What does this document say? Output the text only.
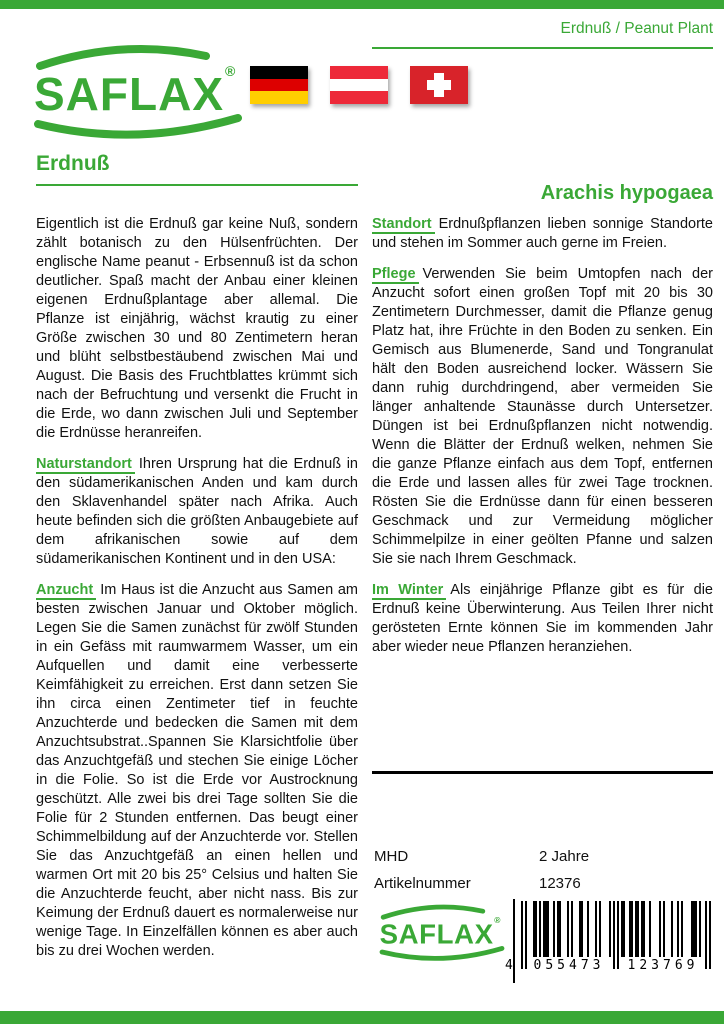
Erdnuß / Peanut Plant
SAFLAX ®
Erdnuß

Eigentlich ist die Erdnuß gar keine Nuß, sondern zählt botanisch zu den Hülsenfrüchten. Der englische Name peanut - Erbsennuß ist da schon deutlicher. Spaß macht der Anbau einer kleinen eigenen Erdnußplantage aber allemal. Die Pflanze ist einjährig, wächst krautig zu einer Größe zwischen 30 und 80 Zentimetern heran und blüht selbstbestäubend zwischen Mai und August. Die Basis des Fruchtblattes krümmt sich nach der Befruchtung und versenkt die Frucht in die Erde, wo dann zwischen Juli und September die Erdnüsse heranreifen.

Naturstandort Ihren Ursprung hat die Erdnuß in den südamerikanischen Anden und kam durch den Sklavenhandel später nach Afrika. Auch heute befinden sich die größten Anbaugebiete auf dem afrikanischen sowie auf dem südamerikanischen Kontinent und in den USA:

Anzucht Im Haus ist die Anzucht aus Samen am besten zwischen Januar und Oktober möglich. Legen Sie die Samen zunächst für zwölf Stunden in ein Gefäss mit raumwarmem Wasser, um ein Aufquellen und damit eine verbesserte Keimfähigkeit zu erreichen. Erst dann setzen Sie ihn circa einen Zentimeter tief in feuchte Anzuchterde und bedecken die Samen mit dem Anzuchtsubstrat..Spannen Sie Klarsichtfolie über das Anzuchtgefäß und stechen Sie einige Löcher in die Folie. So ist die Erde vor Austrocknung geschützt. Alle zwei bis drei Tage sollten Sie die Folie für 2 Stunden entfernen. Das beugt einer Schimmelbildung auf der Anzuchterde vor. Stellen Sie das Anzuchtgefäß an einen hellen und warmen Ort mit 20 bis 25° Celsius und halten Sie die Anzuchterde feucht, aber nicht nass. Bis zur Keimung der Erdnuß dauert es normalerweise nur wenige Tage. In Einzelfällen können es aber auch bis zu drei Wochen werden.

Arachis hypogaea

Standort Erdnußpflanzen lieben sonnige Standorte und stehen im Sommer auch gerne im Freien.

Pflege Verwenden Sie beim Umtopfen nach der Anzucht sofort einen großen Topf mit 20 bis 30 Zentimetern Durchmesser, damit die Pflanze genug Platz hat, ihre Früchte in den Boden zu senken. Ein Gemisch aus Blumenerde, Sand und Tongranulat hält den Boden ausreichend locker. Wässern Sie dann ruhig durchdringend, aber vermeiden Sie länger anhaltende Staunässe durch Untersetzer. Düngen ist bei Erdnußpflanzen nicht notwendig. Wenn die Blätter der Erdnuß welken, nehmen Sie die ganze Pflanze einfach aus dem Topf, entfernen die Erde und lassen alles für zwei Tage trocknen. Rösten Sie die Erdnüsse dann für einen besseren Geschmack und zur Vermeidung möglicher Schimmelpilze in einer geölten Pfanne und salzen Sie sie nach Ihrem Geschmack.

Im Winter Als einjährige Pflanze gibt es für die Erdnuß keine Überwinterung. Aus Teilen Ihrer nicht gerösteten Ernte können Sie im kommenden Jahr aber wieder neue Pflanzen heranziehen.

MHD	2 Jahre
Artikelnummer	12376
SAFLAX ®
4	055473	123769
